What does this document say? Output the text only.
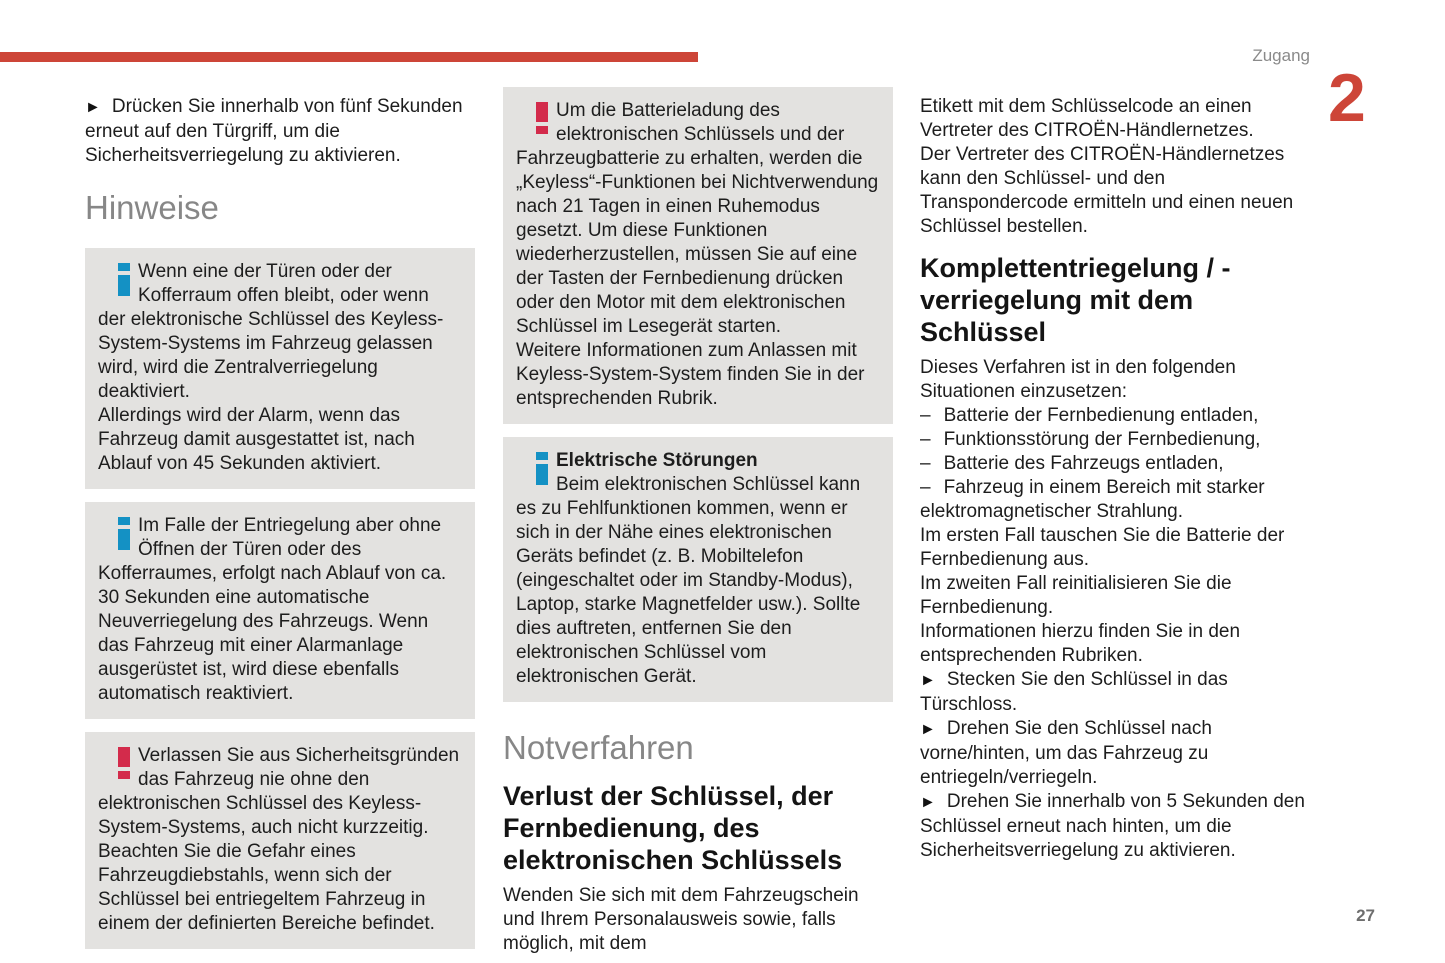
Zugang
2
27

► Drücken Sie innerhalb von fünf Sekunden erneut auf den Türgriff, um die Sicherheitsverriegelung zu aktivieren.

Hinweise

Wenn eine der Türen oder der Kofferraum offen bleibt, oder wenn der elektronische Schlüssel des Keyless-System-Systems im Fahrzeug gelassen wird, wird die Zentralverriegelung deaktiviert.

Allerdings wird der Alarm, wenn das Fahrzeug damit ausgestattet ist, nach Ablauf von 45 Sekunden aktiviert.

Im Falle der Entriegelung aber ohne Öffnen der Türen oder des Kofferraumes, erfolgt nach Ablauf von ca. 30 Sekunden eine automatische Neuverriegelung des Fahrzeugs. Wenn das Fahrzeug mit einer Alarmanlage ausgerüstet ist, wird diese ebenfalls automatisch reaktiviert.

Verlassen Sie aus Sicherheitsgründen das Fahrzeug nie ohne den elektronischen Schlüssel des Keyless-System-Systems, auch nicht kurzzeitig.

Beachten Sie die Gefahr eines Fahrzeugdiebstahls, wenn sich der Schlüssel bei entriegeltem Fahrzeug in einem der definierten Bereiche befindet.

Um die Batterieladung des elektronischen Schlüssels und der Fahrzeugbatterie zu erhalten, werden die „Keyless“-Funktionen bei Nichtverwendung nach 21 Tagen in einen Ruhemodus gesetzt. Um diese Funktionen wiederherzustellen, müssen Sie auf eine der Tasten der Fernbedienung drücken oder den Motor mit dem elektronischen Schlüssel im Lesegerät starten.

Weitere Informationen zum Anlassen mit Keyless-System-System finden Sie in der entsprechenden Rubrik.

Elektrische Störungen

Beim elektronischen Schlüssel kann es zu Fehlfunktionen kommen, wenn er sich in der Nähe eines elektronischen Geräts befindet (z. B. Mobiltelefon (eingeschaltet oder im Standby-Modus), Laptop, starke Magnetfelder usw.). Sollte dies auftreten, entfernen Sie den elektronischen Schlüssel vom elektronischen Gerät.

Notverfahren
Verlust der Schlüssel, der Fernbedienung, des elektronischen Schlüssels

Wenden Sie sich mit dem Fahrzeugschein und Ihrem Personalausweis sowie, falls möglich, mit dem

Etikett mit dem Schlüsselcode an einen Vertreter des CITROËN-Händlernetzes.

Der Vertreter des CITROËN-Händlernetzes kann den Schlüssel- und den Transpondercode ermitteln und einen neuen Schlüssel bestellen.

Komplettentriegelung / -verriegelung mit dem Schlüssel

Dieses Verfahren ist in den folgenden Situationen einzusetzen:

– Batterie der Fernbedienung entladen,

– Funktionsstörung der Fernbedienung,

– Batterie des Fahrzeugs entladen,

– Fahrzeug in einem Bereich mit starker elektromagnetischer Strahlung.

Im ersten Fall tauschen Sie die Batterie der Fernbedienung aus.

Im zweiten Fall reinitialisieren Sie die Fernbedienung.

Informationen hierzu finden Sie in den entsprechenden Rubriken.

► Stecken Sie den Schlüssel in das Türschloss.

► Drehen Sie den Schlüssel nach vorne/hinten, um das Fahrzeug zu entriegeln/verriegeln.

► Drehen Sie innerhalb von 5 Sekunden den Schlüssel erneut nach hinten, um die Sicherheitsverriegelung zu aktivieren.
